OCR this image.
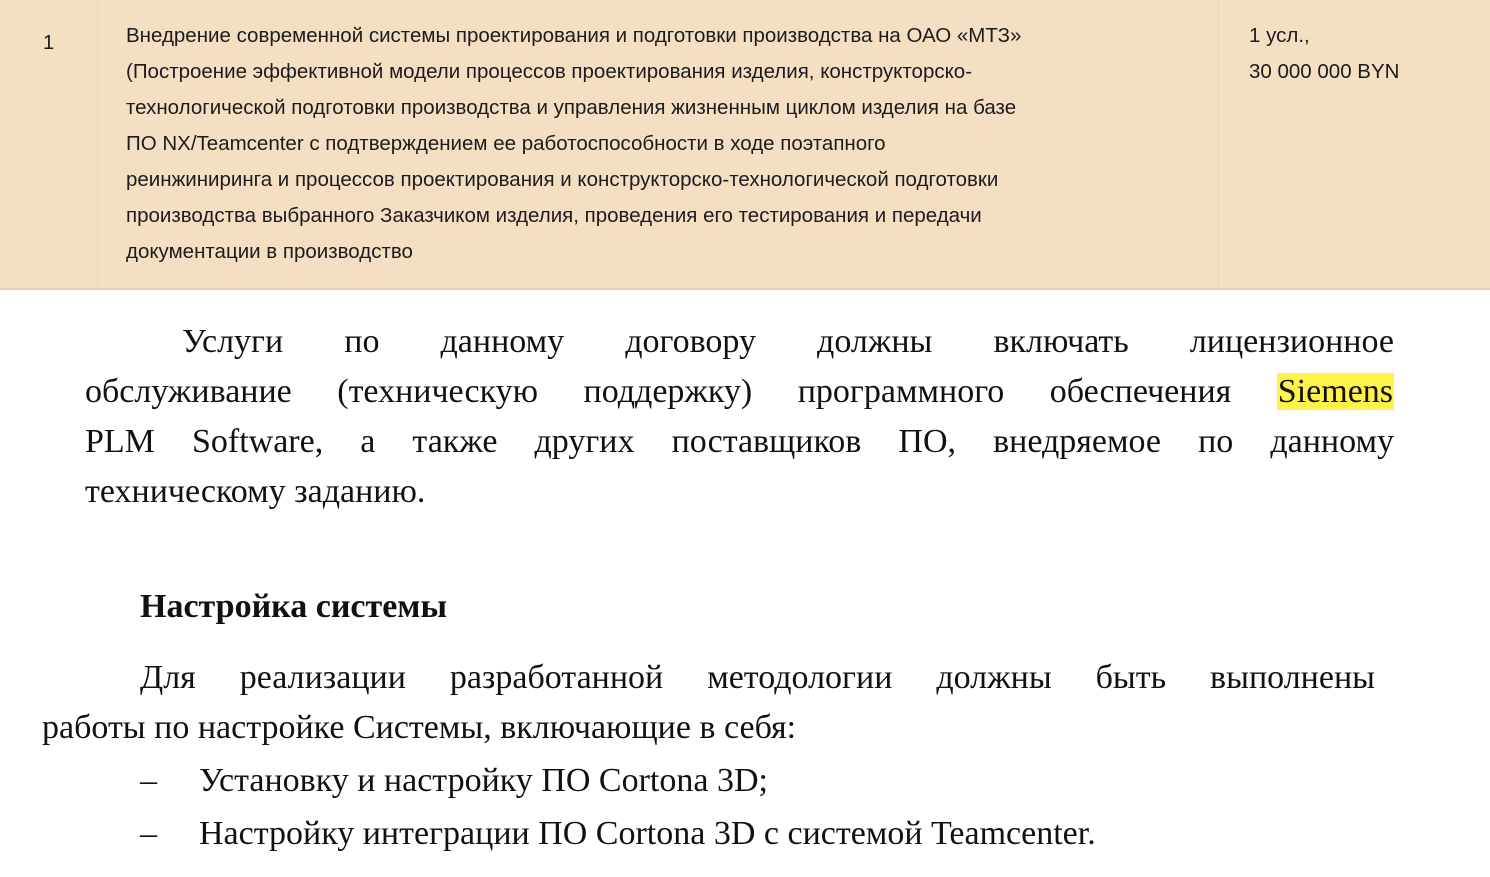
1	Внедрение современной системы проектирования и подготовки производства на ОАО «МТЗ»
(Построение эффективной модели процессов проектирования изделия, конструкторско-
технологической подготовки производства и управления жизненным циклом изделия на базе
ПО NX/Teamcenter с подтверждением ее работоспособности в ходе поэтапного
реинжиниринга и процессов проектирования и конструкторско-технологической подготовки
производства выбранного Заказчиком изделия, проведения его тестирования и передачи
документации в производство
1 усл.,
30 000 000 BYN
Услуги по данному договору должны включать лицензионное
обслуживание (техническую поддержку) программного обеспечения Siemens
PLM Software, а также других поставщиков ПО, внедряемое по данному
техническому заданию.
Настройка системы
Для реализации разработанной методологии должны быть выполнены
работы по настройке Системы, включающие в себя:
– Установку и настройку ПО Cortona 3D;
– Настройку интеграции ПО Cortona 3D с системой Teamcenter.
